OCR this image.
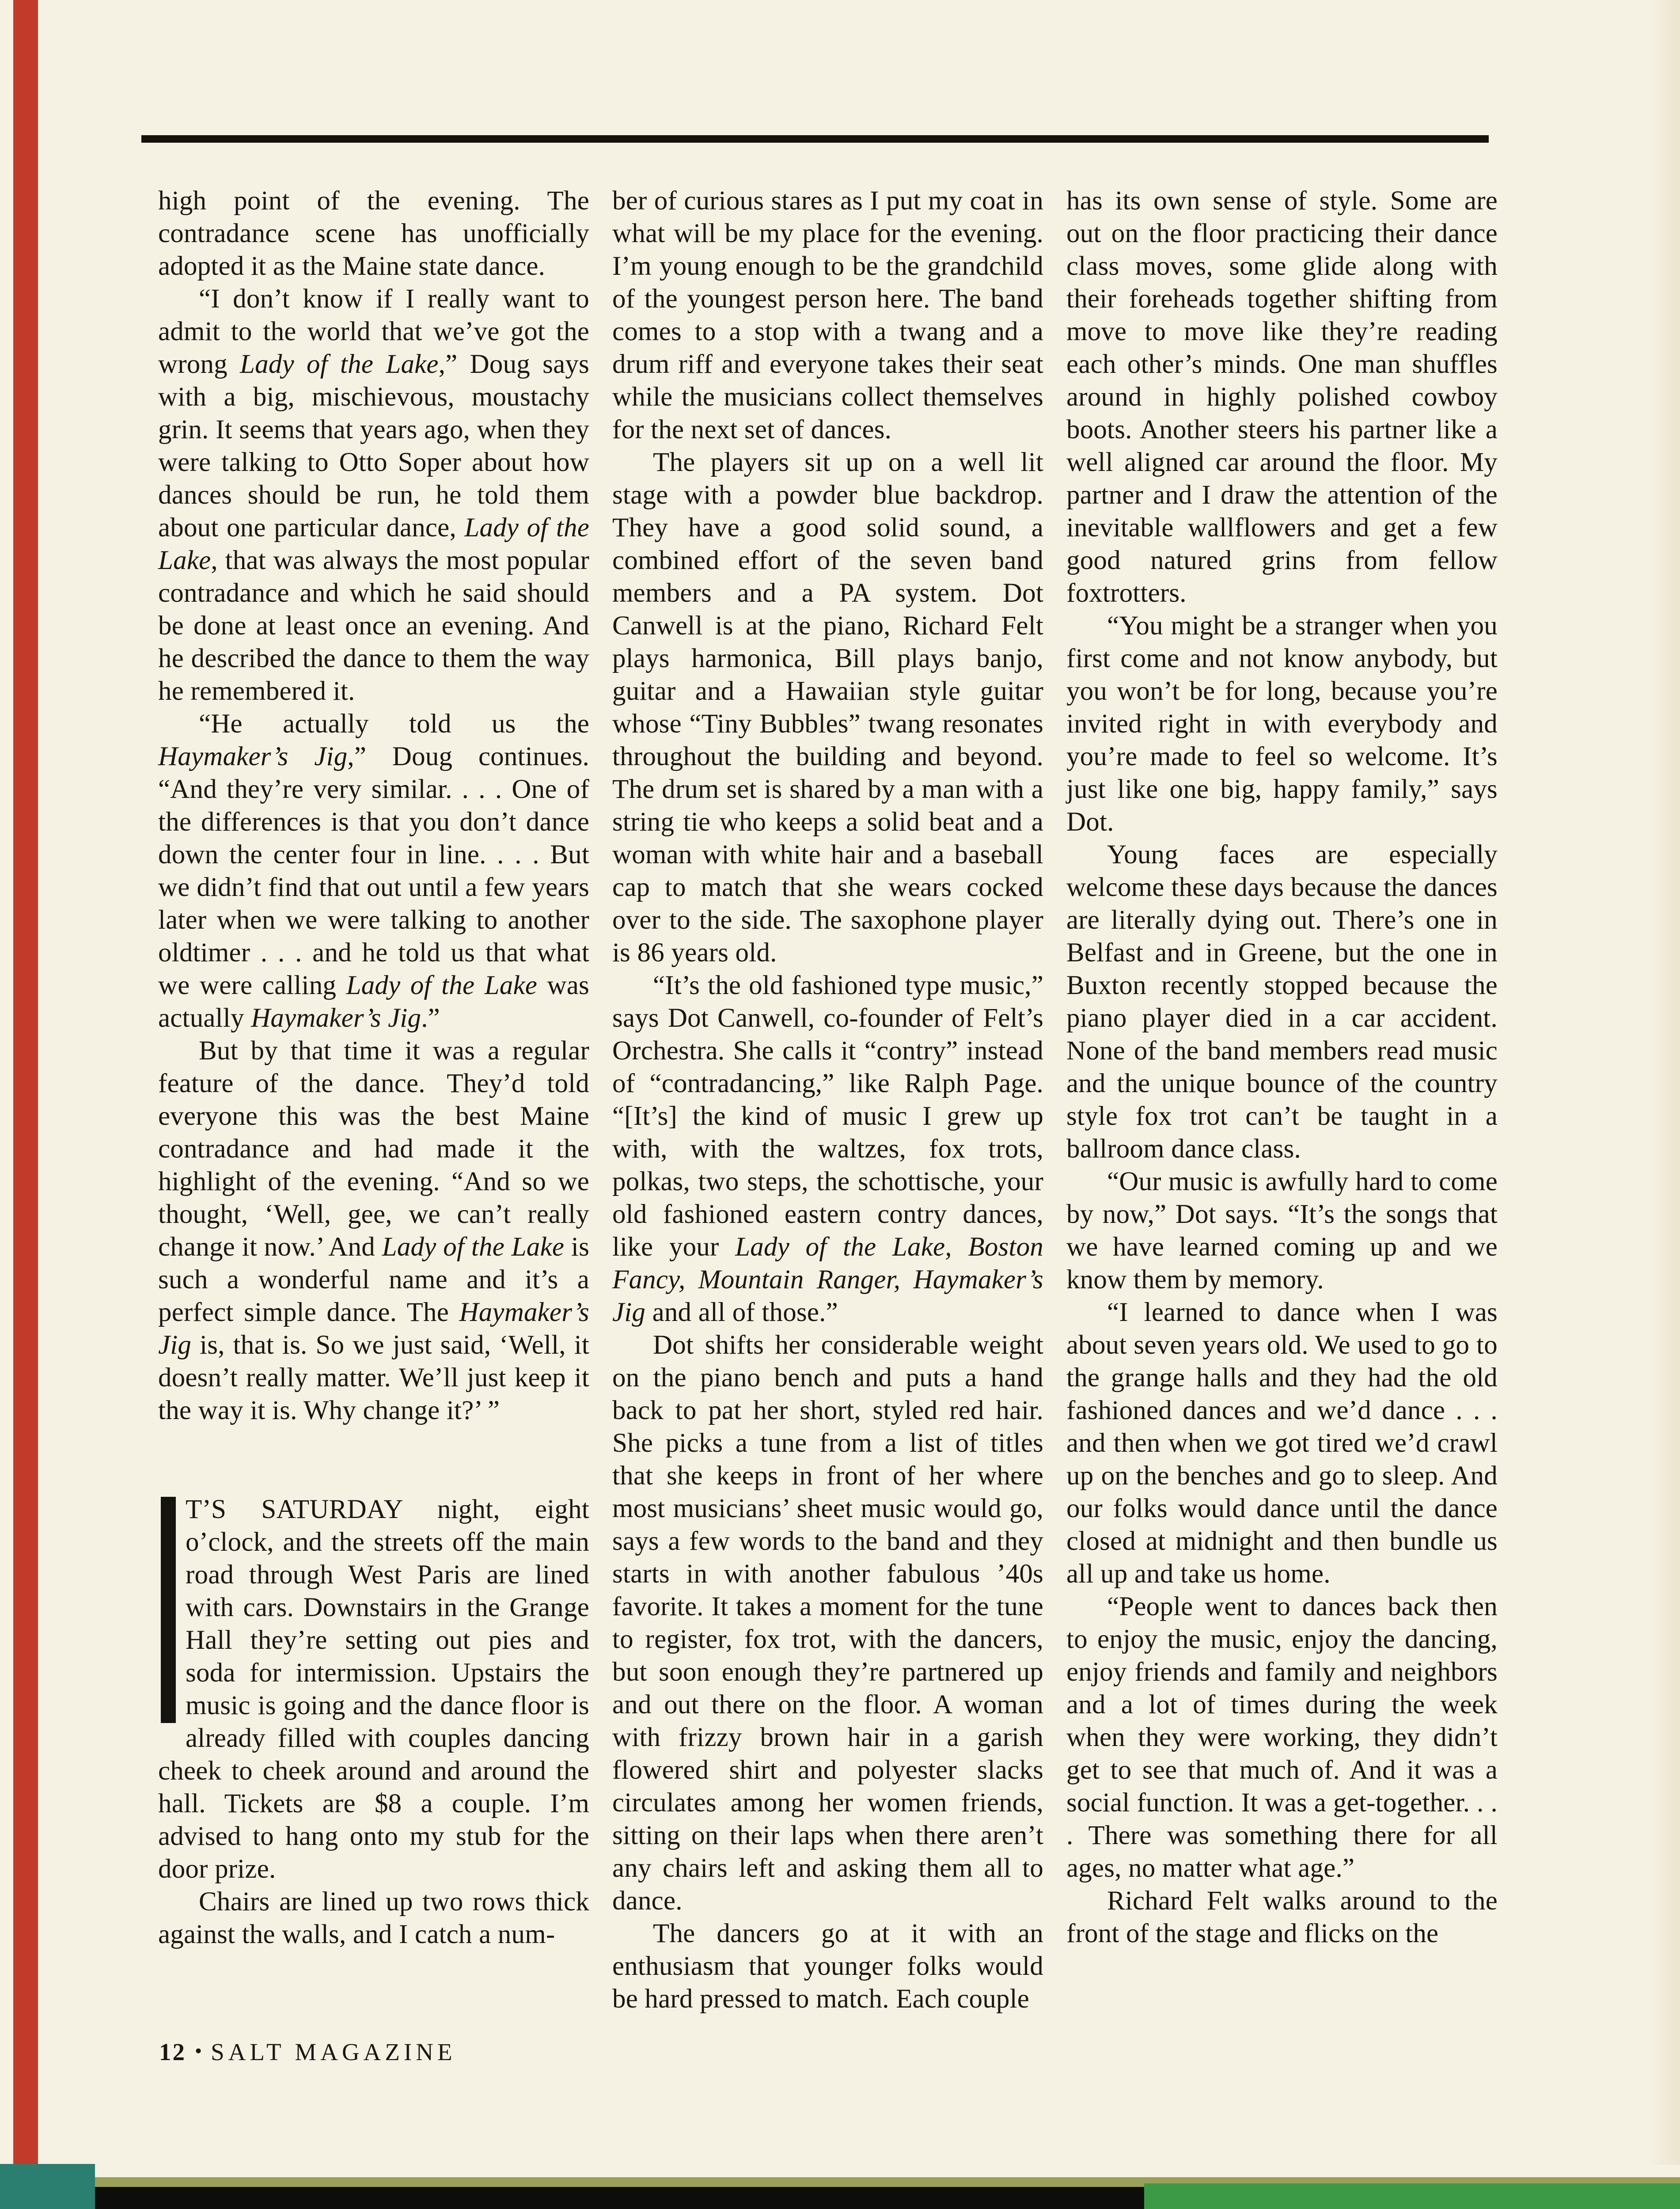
high point of the evening. The contradance scene has unofficially adopted it as the Maine state dance.

“I don’t know if I really want to admit to the world that we’ve got the wrong Lady of the Lake,” Doug says with a big, mischievous, moustachy grin. It seems that years ago, when they were talking to Otto Soper about how dances should be run, he told them about one particular dance, Lady of the Lake, that was always the most popular contradance and which he said should be done at least once an evening. And he described the dance to them the way he remembered it.

“He actually told us the Haymaker’s Jig,” Doug continues. “And they’re very similar. . . . One of the differences is that you don’t dance down the center four in line. . . . But we didn’t find that out until a few years later when we were talking to another oldtimer . . . and he told us that what we were calling Lady of the Lake was actually Haymaker’s Jig.”

But by that time it was a regular feature of the dance. They’d told everyone this was the best Maine contradance and had made it the highlight of the evening. “And so we thought, ‘Well, gee, we can’t really change it now.’ And Lady of the Lake is such a wonderful name and it’s a perfect simple dance. The Haymaker’s Jig is, that is. So we just said, ‘Well, it doesn’t really matter. We’ll just keep it the way it is. Why change it?’ ”

T’S SATURDAY night, eight o’clock, and the streets off the main road through West Paris are lined with cars. Downstairs in the Grange Hall they’re setting out pies and soda for intermission. Upstairs the music is going and the dance floor is already filled with couples dancing cheek to cheek around and around the hall. Tickets are $8 a couple. I’m advised to hang onto my stub for the door prize.

Chairs are lined up two rows thick against the walls, and I catch a num-

ber of curious stares as I put my coat in what will be my place for the evening. I’m young enough to be the grandchild of the youngest person here. The band comes to a stop with a twang and a drum riff and everyone takes their seat while the musicians collect themselves for the next set of dances.

The players sit up on a well lit stage with a powder blue backdrop. They have a good solid sound, a combined effort of the seven band members and a PA system. Dot Canwell is at the piano, Richard Felt plays harmonica, Bill plays banjo, guitar and a Hawaiian style guitar whose “Tiny Bubbles” twang resonates throughout the building and beyond. The drum set is shared by a man with a string tie who keeps a solid beat and a woman with white hair and a baseball cap to match that she wears cocked over to the side. The saxophone player is 86 years old.

“It’s the old fashioned type music,” says Dot Canwell, co-founder of Felt’s Orchestra. She calls it “contry” instead of “contradancing,” like Ralph Page. “[It’s] the kind of music I grew up with, with the waltzes, fox trots, polkas, two steps, the schottische, your old fashioned eastern contry dances, like your Lady of the Lake, Boston Fancy, Mountain Ranger, Haymaker’s Jig and all of those.”

Dot shifts her considerable weight on the piano bench and puts a hand back to pat her short, styled red hair. She picks a tune from a list of titles that she keeps in front of her where most musicians’ sheet music would go, says a few words to the band and they starts in with another fabulous ’40s favorite. It takes a moment for the tune to register, fox trot, with the dancers, but soon enough they’re partnered up and out there on the floor. A woman with frizzy brown hair in a garish flowered shirt and polyester slacks circulates among her women friends, sitting on their laps when there aren’t any chairs left and asking them all to dance.

The dancers go at it with an enthusiasm that younger folks would be hard pressed to match. Each couple

has its own sense of style. Some are out on the floor practicing their dance class moves, some glide along with their foreheads together shifting from move to move like they’re reading each other’s minds. One man shuffles around in highly polished cowboy boots. Another steers his partner like a well aligned car around the floor. My partner and I draw the attention of the inevitable wallflowers and get a few good natured grins from fellow foxtrotters.

“You might be a stranger when you first come and not know anybody, but you won’t be for long, because you’re invited right in with everybody and you’re made to feel so welcome. It’s just like one big, happy family,” says Dot.

Young faces are especially welcome these days because the dances are literally dying out. There’s one in Belfast and in Greene, but the one in Buxton recently stopped because the piano player died in a car accident. None of the band members read music and the unique bounce of the country style fox trot can’t be taught in a ballroom dance class.

“Our music is awfully hard to come by now,” Dot says. “It’s the songs that we have learned coming up and we know them by memory.

“I learned to dance when I was about seven years old. We used to go to the grange halls and they had the old fashioned dances and we’d dance . . . and then when we got tired we’d crawl up on the benches and go to sleep. And our folks would dance until the dance closed at midnight and then bundle us all up and take us home.

“People went to dances back then to enjoy the music, enjoy the dancing, enjoy friends and family and neighbors and a lot of times during the week when they were working, they didn’t get to see that much of. And it was a social function. It was a get-together. . . . There was something there for all ages, no matter what age.”

Richard Felt walks around to the front of the stage and flicks on the

12 • SALT MAGAZINE
